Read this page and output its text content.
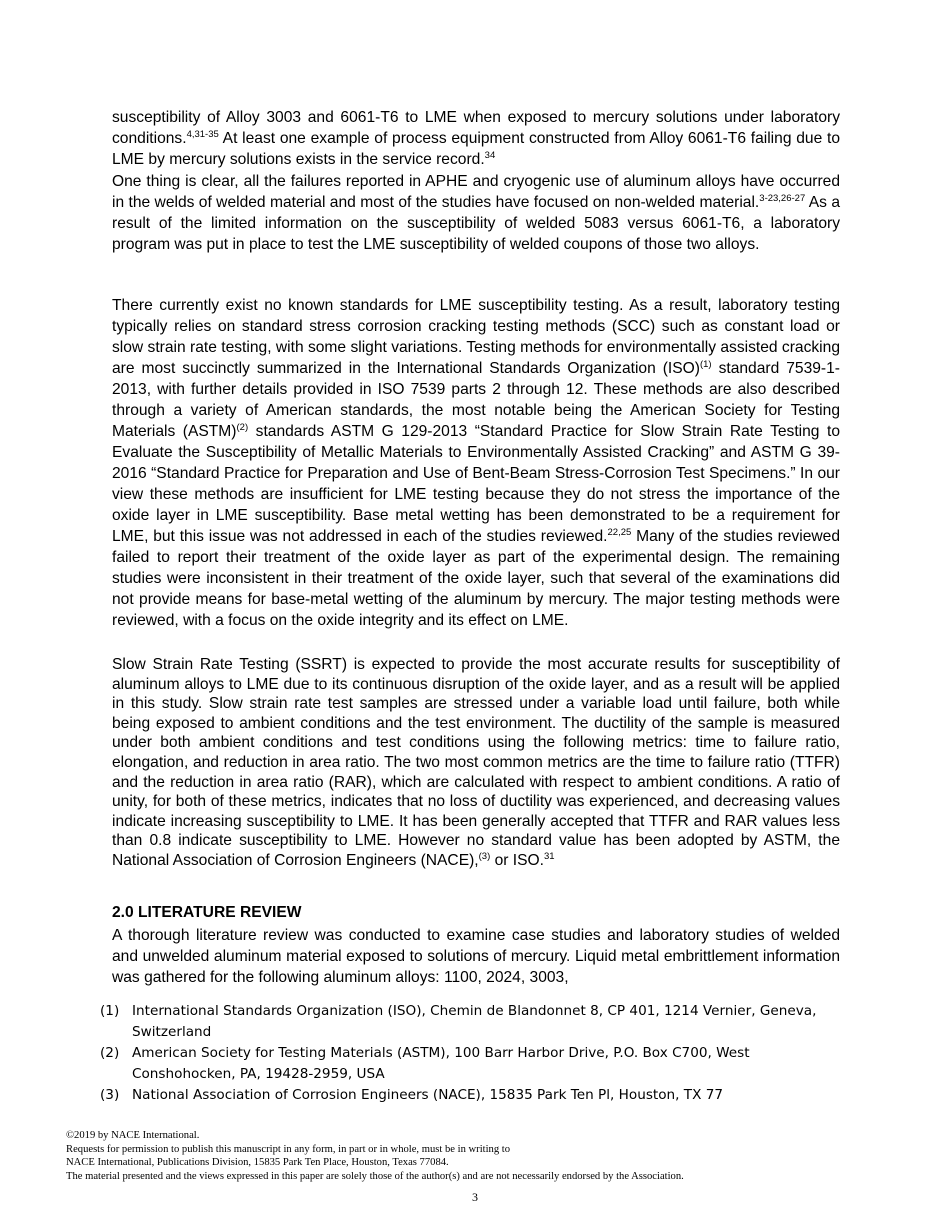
susceptibility of Alloy 3003 and 6061-T6 to LME when exposed to mercury solutions under laboratory conditions.$^{4,31-35}$ At least one example of process equipment constructed from Alloy 6061-T6 failing due to LME by mercury solutions exists in the service record.$^{34}$

One thing is clear, all the failures reported in APHE and cryogenic use of aluminum alloys have occurred in the welds of welded material and most of the studies have focused on non-welded material.$^{3-23,26-27}$ As a result of the limited information on the susceptibility of welded 5083 versus 6061-T6, a laboratory program was put in place to test the LME susceptibility of welded coupons of those two alloys.

There currently exist no known standards for LME susceptibility testing. As a result, laboratory testing typically relies on standard stress corrosion cracking testing methods (SCC) such as constant load or slow strain rate testing, with some slight variations. Testing methods for environmentally assisted cracking are most succinctly summarized in the International Standards Organization (ISO)$^{(1)}$ standard 7539-1-2013, with further details provided in ISO 7539 parts 2 through 12. These methods are also described through a variety of American standards, the most notable being the American Society for Testing Materials (ASTM)$^{(2)}$ standards ASTM G 129-2013 “Standard Practice for Slow Strain Rate Testing to Evaluate the Susceptibility of Metallic Materials to Environmentally Assisted Cracking” and ASTM G 39-2016 “Standard Practice for Preparation and Use of Bent-Beam Stress-Corrosion Test Specimens.” In our view these methods are insufficient for LME testing because they do not stress the importance of the oxide layer in LME susceptibility. Base metal wetting has been demonstrated to be a requirement for LME, but this issue was not addressed in each of the studies reviewed.$^{22,25}$ Many of the studies reviewed failed to report their treatment of the oxide layer as part of the experimental design. The remaining studies were inconsistent in their treatment of the oxide layer, such that several of the examinations did not provide means for base-metal wetting of the aluminum by mercury. The major testing methods were reviewed, with a focus on the oxide integrity and its effect on LME.

Slow Strain Rate Testing (SSRT) is expected to provide the most accurate results for susceptibility of aluminum alloys to LME due to its continuous disruption of the oxide layer, and as a result will be applied in this study. Slow strain rate test samples are stressed under a variable load until failure, both while being exposed to ambient conditions and the test environment. The ductility of the sample is measured under both ambient conditions and test conditions using the following metrics: time to failure ratio, elongation, and reduction in area ratio. The two most common metrics are the time to failure ratio (TTFR) and the reduction in area ratio (RAR), which are calculated with respect to ambient conditions. A ratio of unity, for both of these metrics, indicates that no loss of ductility was experienced, and decreasing values indicate increasing susceptibility to LME. It has been generally accepted that TTFR and RAR values less than 0.8 indicate susceptibility to LME. However no standard value has been adopted by ASTM, the National Association of Corrosion Engineers (NACE),$^{(3)}$ or ISO.$^{31}$

2.0 LITERATURE REVIEW

A thorough literature review was conducted to examine case studies and laboratory studies of welded and unwelded aluminum material exposed to solutions of mercury. Liquid metal embrittlement information was gathered for the following aluminum alloys: 1100, 2024, 3003,

(1) International Standards Organization (ISO), Chemin de Blandonnet 8, CP 401, 1214 Vernier, Geneva, Switzerland
(2) American Society for Testing Materials (ASTM), 100 Barr Harbor Drive, P.O. Box C700, West Conshohocken, PA, 19428-2959, USA
(3) National Association of Corrosion Engineers (NACE), 15835 Park Ten Pl, Houston, TX 77
©2019 by NACE International.
Requests for permission to publish this manuscript in any form, in part or in whole, must be in writing to
NACE International, Publications Division, 15835 Park Ten Place, Houston, Texas 77084.
The material presented and the views expressed in this paper are solely those of the author(s) and are not necessarily endorsed by the Association.
3
